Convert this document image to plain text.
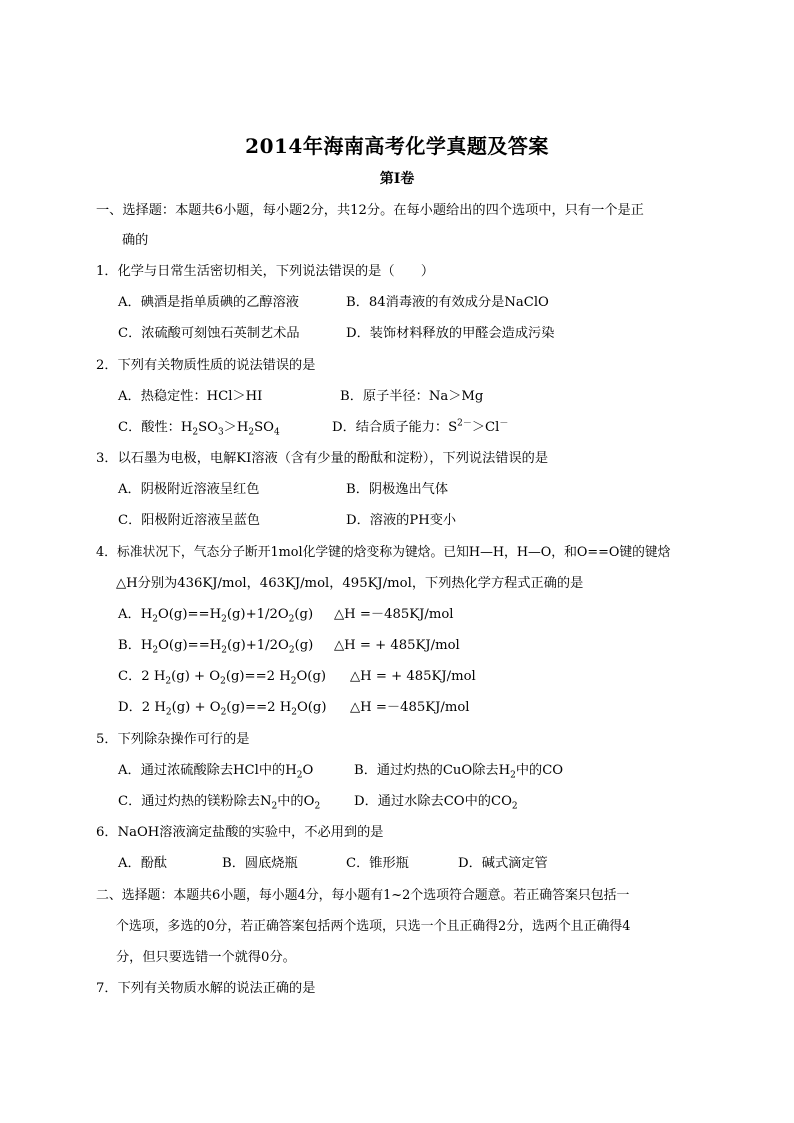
2014年海南高考化学真题及答案
第Ⅰ卷
一、选择题：本题共6小题，每小题2分，共12分。在每小题给出的四个选项中，只有一个是正
确的
1．化学与日常生活密切相关，下列说法错误的是（　　）
A．碘酒是指单质碘的乙醇溶液	B．84消毒液的有效成分是NaClO
C．浓硫酸可刻蚀石英制艺术品	D．装饰材料释放的甲醛会造成污染
2．下列有关物质性质的说法错误的是
A．热稳定性：HCl＞HI	B．原子半径：Na＞Mg
C．酸性：$H_2SO_3>H_2SO_4$	D．结合质子能力：$S^{2-}>Cl^-$
3．以石墨为电极，电解KI溶液（含有少量的酚酞和淀粉），下列说法错误的是
A．阴极附近溶液呈红色	B．阴极逸出气体
C．阳极附近溶液呈蓝色	D．溶液的PH变小
4．标准状况下，气态分子断开1mol化学键的焓变称为键焓。已知H—H，H—O，和O==O键的键焓
△H分别为436KJ/mol，463KJ/mol，495KJ/mol，下列热化学方程式正确的是
A．$H_2O(g)==H_2(g)+1/2O_2(g)$ △H =－485KJ/mol
B．$H_2O(g)==H_2(g)+1/2O_2(g)$ △H = + 485KJ/mol
C．2 $H_2(g) + O_2(g)==2$ $H_2O(g)$ △H = + 485KJ/mol
D．2 $H_2(g) + O_2(g)==2$ $H_2O(g)$ △H =－485KJ/mol
5．下列除杂操作可行的是
A．通过浓硫酸除去HCl中的$H_2O$	B．通过灼热的CuO除去$H_2$中的CO
C．通过灼热的镁粉除去$N_2$中的$O_2$	D．通过水除去CO中的$CO_2$
6．NaOH溶液滴定盐酸的实验中，不必用到的是
A．酚酞	B．圆底烧瓶	C．锥形瓶	D．碱式滴定管
二、选择题：本题共6小题，每小题4分，每小题有1~2个选项符合题意。若正确答案只包括一
个选项，多选的0分，若正确答案包括两个选项，只选一个且正确得2分，选两个且正确得4
分，但只要选错一个就得0分。
7．下列有关物质水解的说法正确的是
